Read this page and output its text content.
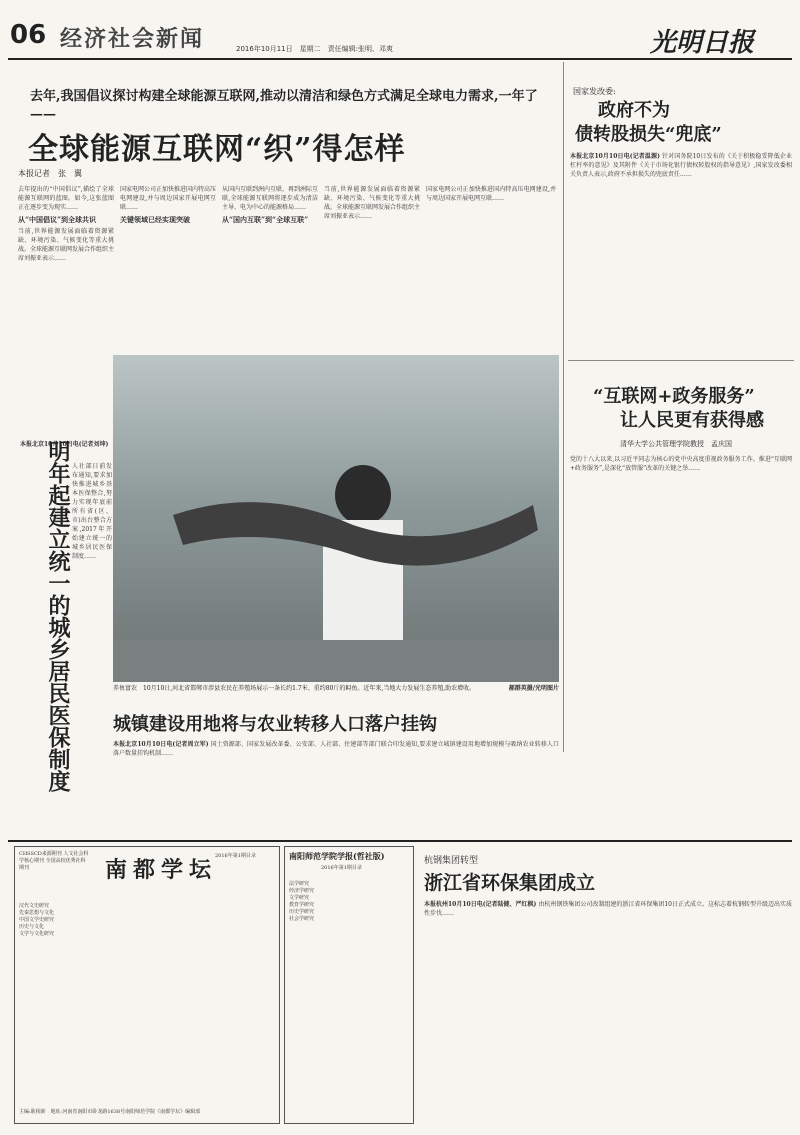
06 经济社会新闻	2016年10月11日　星期二　责任编辑:张明、邓爽	光明日报
去年,我国倡议探讨构建全球能源互联网,推动以清洁和绿色方式满足全球电力需求,一年了——
全球能源互联网“织”得怎样
本报记者　张　翼
去年提出的“中国倡议”,描绘了全球能源互联网的蓝图。如今,这张蓝图正在逐步变为现实……
从“中国倡议”到全球共识
当前,世界能源发展面临着资源紧缺、环境污染、气候变化等重大挑战。全球能源互联网发展合作组织主席刘振亚表示……
国家电网公司正加快推进国内特高压电网建设,并与周边国家开展电网互联……
关键领域已经实现突破
从国内互联到洲内互联、再到洲际互联,全球能源互联网将逐步成为清洁主导、电为中心的能源格局……
从“国内互联”到“全球互联”
当前,世界能源发展面临着资源紧缺、环境污染、气候变化等重大挑战。全球能源互联网发展合作组织主席刘振亚表示……
国家电网公司正加快推进国内特高压电网建设,并与周边国家开展电网互联……
本报北京10月10日电(记者刘坤)
明年起建立统一的城乡居民医保制度 人社部日前发布通知,要求加快推进城乡基本医保整合,努力实现年底前所有省(区、市)出台整合方案,2017年开始建立统一的城乡居民医保制度……
养鱼富农　10月10日,河北省邯郸市涉县农民在养殖场展示一条长约1.7米、重约80斤的鲟鱼。近年来,当地大力发展生态养殖,助农增收。	郝群英摄/光明图片
城镇建设用地将与农业转移人口落户挂钩
本报北京10月10日电(记者周立军) 国土资源部、国家发展改革委、公安部、人社部、住建部等部门联合印发通知,要求建立城镇建设用地增加规模与吸纳农业转移人口落户数量挂钩机制……
国家发改委:
政府不为
债转股损失“兜底”
本报北京10月10日电(记者温源) 针对国务院10日发布的《关于积极稳妥降低企业杠杆率的意见》及其附件《关于市场化银行债权转股权的指导意见》,国家发改委相关负责人表示,政府不承担损失的兜底责任……
“互联网+政务服务”
让人民更有获得感
清华大学公共管理学院教授　孟庆国
党的十八大以来,以习近平同志为核心的党中央高度重视政务服务工作。推进“互联网+政务服务”,是深化“放管服”改革的关键之举……
CHSSCD来源期刊 人文社会科学核心期刊 全国高校优秀社科期刊	南都学坛
2016年第1期目录
汉代文史研究
先秦思想与文化
中国文学史研究
历史与文化
文学与文化研究
主编:耿相新　地址:河南省南阳市卧龙路1638号南阳师范学院《南都学坛》编辑部
南阳师范学院学报(哲社版)
2016年第1期目录
法学研究
经济学研究
文学研究
教育学研究
历史学研究
社会学研究
杭钢集团转型
浙江省环保集团成立
本报杭州10月10日电(记者陆健、严红枫) 由杭州钢铁集团公司改制组建的浙江省环保集团10日正式成立。这标志着杭钢转型升级迈出实质性步伐……
